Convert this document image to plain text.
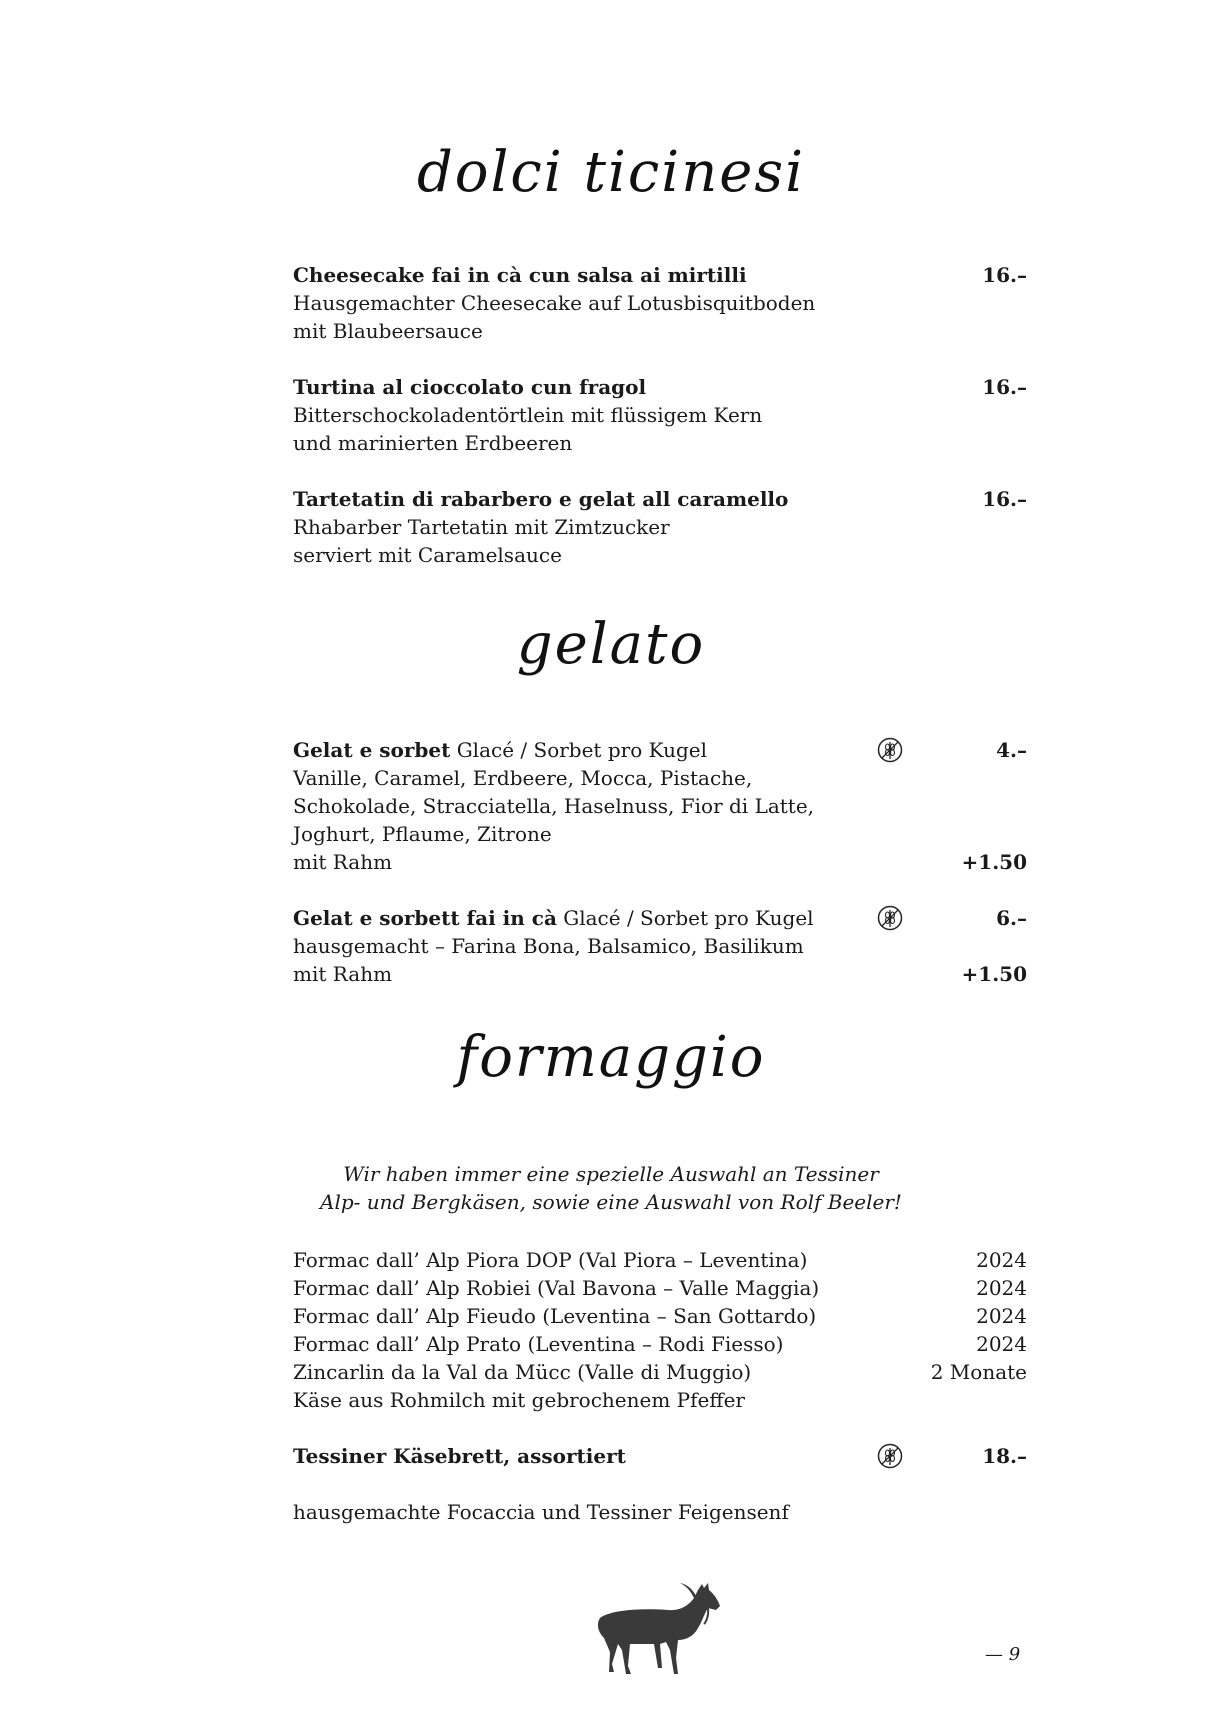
dolci ticinesi
Cheesecake fai in cà cun salsa ai mirtilli	16.–
Hausgemachter Cheesecake auf Lotusbisquitboden
mit Blaubeersauce
Turtina al cioccolato cun fragol	16.–
Bitterschockoladentörtlein mit flüssigem Kern
und marinierten Erdbeeren
Tartetatin di rabarbero e gelat all caramello	16.–
Rhabarber Tartetatin mit Zimtzucker
serviert mit Caramelsauce
gelato
Gelat e sorbet Glacé / Sorbet pro Kugel	4.–
Vanille, Caramel, Erdbeere, Mocca, Pistache,
Schokolade, Stracciatella, Haselnuss, Fior di Latte,
Joghurt, Pflaume, Zitrone
mit Rahm	+1.50
Gelat e sorbett fai in cà Glacé / Sorbet pro Kugel	6.–
hausgemacht – Farina Bona, Balsamico, Basilikum
mit Rahm	+1.50
formaggio
Wir haben immer eine spezielle Auswahl an Tessiner
Alp- und Bergkäsen, sowie eine Auswahl von Rolf Beeler!
Formac dall’ Alp Piora DOP (Val Piora – Leventina)	2024
Formac dall’ Alp Robiei (Val Bavona – Valle Maggia)	2024
Formac dall’ Alp Fieudo (Leventina – San Gottardo)	2024
Formac dall’ Alp Prato (Leventina – Rodi Fiesso)	2024
Zincarlin da la Val da Mücc (Valle di Muggio)	2 Monate
Käse aus Rohmilch mit gebrochenem Pfeffer
Tessiner Käsebrett, assortiert	18.–
hausgemachte Focaccia und Tessiner Feigensenf
— 9
